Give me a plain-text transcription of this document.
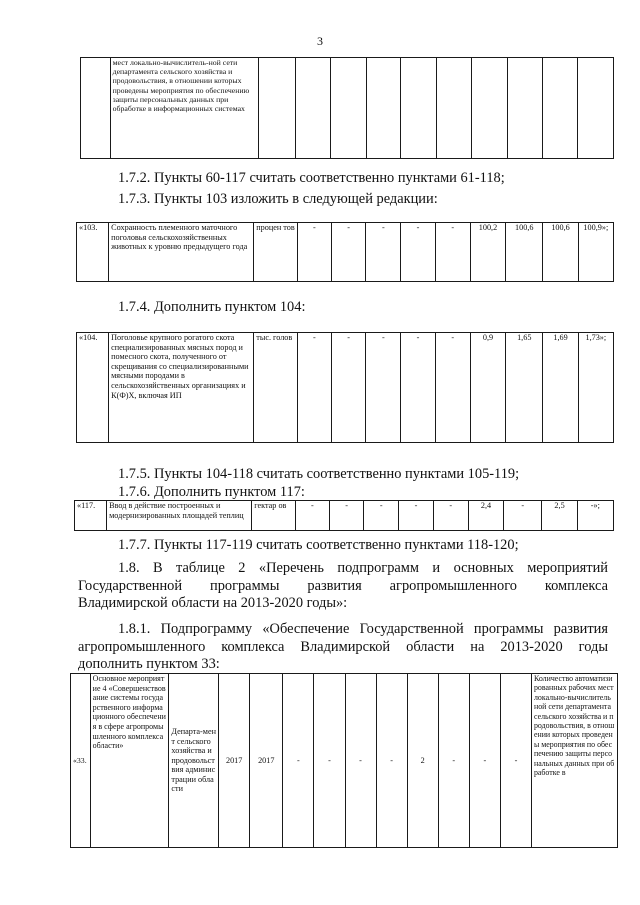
3
	мест локально-вычислитель-ной сети департамента сельского хозяйства и продовольствия, в отношении которых проведены мероприятия по обеспечению защиты персональных данных при обработке в информационных системах										
1.7.2. Пункты 60-117 считать соответственно пунктами 61-118;
1.7.3. Пункты 103 изложить в следующей редакции:
«103.	Сохранность племенного маточного поголовья сельскохозяйственных животных к уровню предыдущего года	процен тов	-	-	-	-	-	100,2	100,6	100,6	100,9»;
1.7.4. Дополнить пунктом 104:
«104.	Поголовье крупного рогатого скота специализированных мясных пород и помесного скота, полученного от скрещивания со специализированными мясными породами в сельскохозяйственных организациях и К(Ф)Х, включая ИП	тыс. голов	-	-	-	-	-	0,9	1,65	1,69	1,73»;
1.7.5. Пункты 104-118 считать соответственно пунктами 105-119;
1.7.6. Дополнить пунктом 117:
«117.	Ввод в действие построенных и модернизированных площадей теплиц	гектар ов	-	-	-	-	-	2,4	-	2,5	-»;
1.7.7. Пункты 117-119 считать соответственно пунктами 118-120;
1.8. В таблице 2 «Перечень подпрограмм и основных мероприятий
Государственной программы развития агропромышленного комплекса
Владимирской области на 2013-2020 годы»:
1.8.1. Подпрограмму «Обеспечение Государственной программы развития
агропромышленного комплекса Владимирской области на 2013-2020 годы
дополнить пунктом 33:
«33.	Основное мероприятие 4 «Совершенствование системы государственного информационного обеспечения в сфере агропромышленного комплекса области»	Департа-мент сельского хозяйства и продовольствия администрации области	2017	2017	-	-	-	-	2	-	-	-	Количество автоматизированных рабочих мест локально-вычислительной сети департамента сельского хозяйства и продовольствия, в отношении которых проведены мероприятия по обеспечению защиты персональных данных при обработке в
